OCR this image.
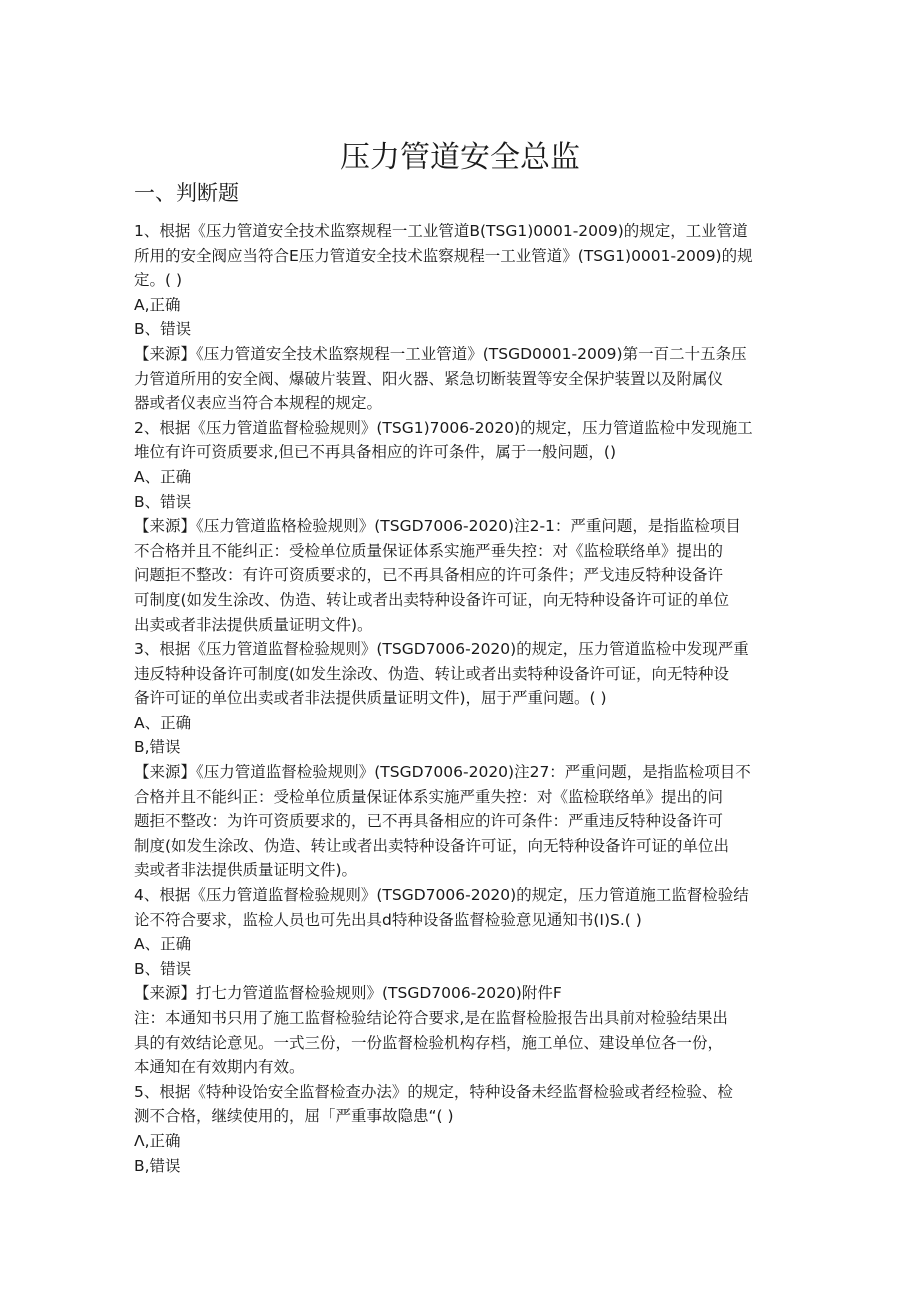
压力管道安全总监
一、判断题
1、根据《压力管道安全技术监察规程一工业管道B(TSG1)0001-2009)的规定，工业管道
所用的安全阀应当符合E压力管道安全技术监察规程一工业管道》(TSG1)0001-2009)的规
定。( )
A,正确
B、错误
【来源】《压力管道安全技术监察规程一工业管道》(TSGD0001-2009)第一百二十五条压
力管道所用的安全阀、爆破片装置、阳火器、紧急切断装置等安全保护装置以及附属仪
器或者仪表应当符合本规程的规定。
2、根据《压力管道监督检验规则》(TSG1)7006-2020)的规定，压力管道监检中发现施工
堆位有许可资质要求,但已不再具备相应的许可条件，属于一般问题，()
A、正确
B、错误
【来源】《压力管道监格检验规则》(TSGD7006-2020)注2-1：严重问题，是指监检项目
不合格并且不能纠正：受检单位质量保证体系实施严垂失控：对《监检联络单》提出的
问题拒不整改：有许可资质要求的，已不再具备相应的许可条件；严戈违反特种设备许
可制度(如发生涂改、伪造、转让或者出卖特种设备许可证，向无特种设备许可证的单位
出卖或者非法提供质量证明文件)。
3、根据《压力管道监督检验规则》(TSGD7006-2020)的规定，压力管道监检中发现严重
违反特种设备许可制度(如发生涂改、伪造、转让或者出卖特种设备许可证，向无特种设
备许可证的单位出卖或者非法提供质量证明文件)，屈于严重问题。( )
A、正确
B,错误
【来源】《压力管道监督检验规则》(TSGD7006-2020)注27：严重问题，是指监检项目不
合格并且不能纠正：受检单位质量保证体系实施严重失控：对《监检联络单》提出的问
题拒不整改：为许可资质要求的，已不再具备相应的许可条件：严重违反特种设备许可
制度(如发生涂改、伪造、转让或者出卖特种设备许可证，向无特种设备许可证的单位出
卖或者非法提供质量证明文件)。
4、根据《压力管道监督检验规则》(TSGD7006-2020)的规定，压力管道施工监督检验结
论不符合要求，监检人员也可先出具d特种设备监督检验意见通知书(I)S.( )
A、正确
B、错误
【来源】打七力管道监督检验规则》(TSGD7006-2020)附件F
注：本通知书只用了施工监督检验结论符合要求,是在监督检脸报告出具前对检验结果出
具的有效结论意见。一式三份，一份监督检验机构存档，施工单位、建设单位各一份，
本通知在有效期内有效。
5、根据《特种设饴安全监督检查办法》的规定，特种设备未经监督检验或者经检验、检
测不合格，继续使用的，屈「严重事故隐患“( )
Λ,正确
B,错误
